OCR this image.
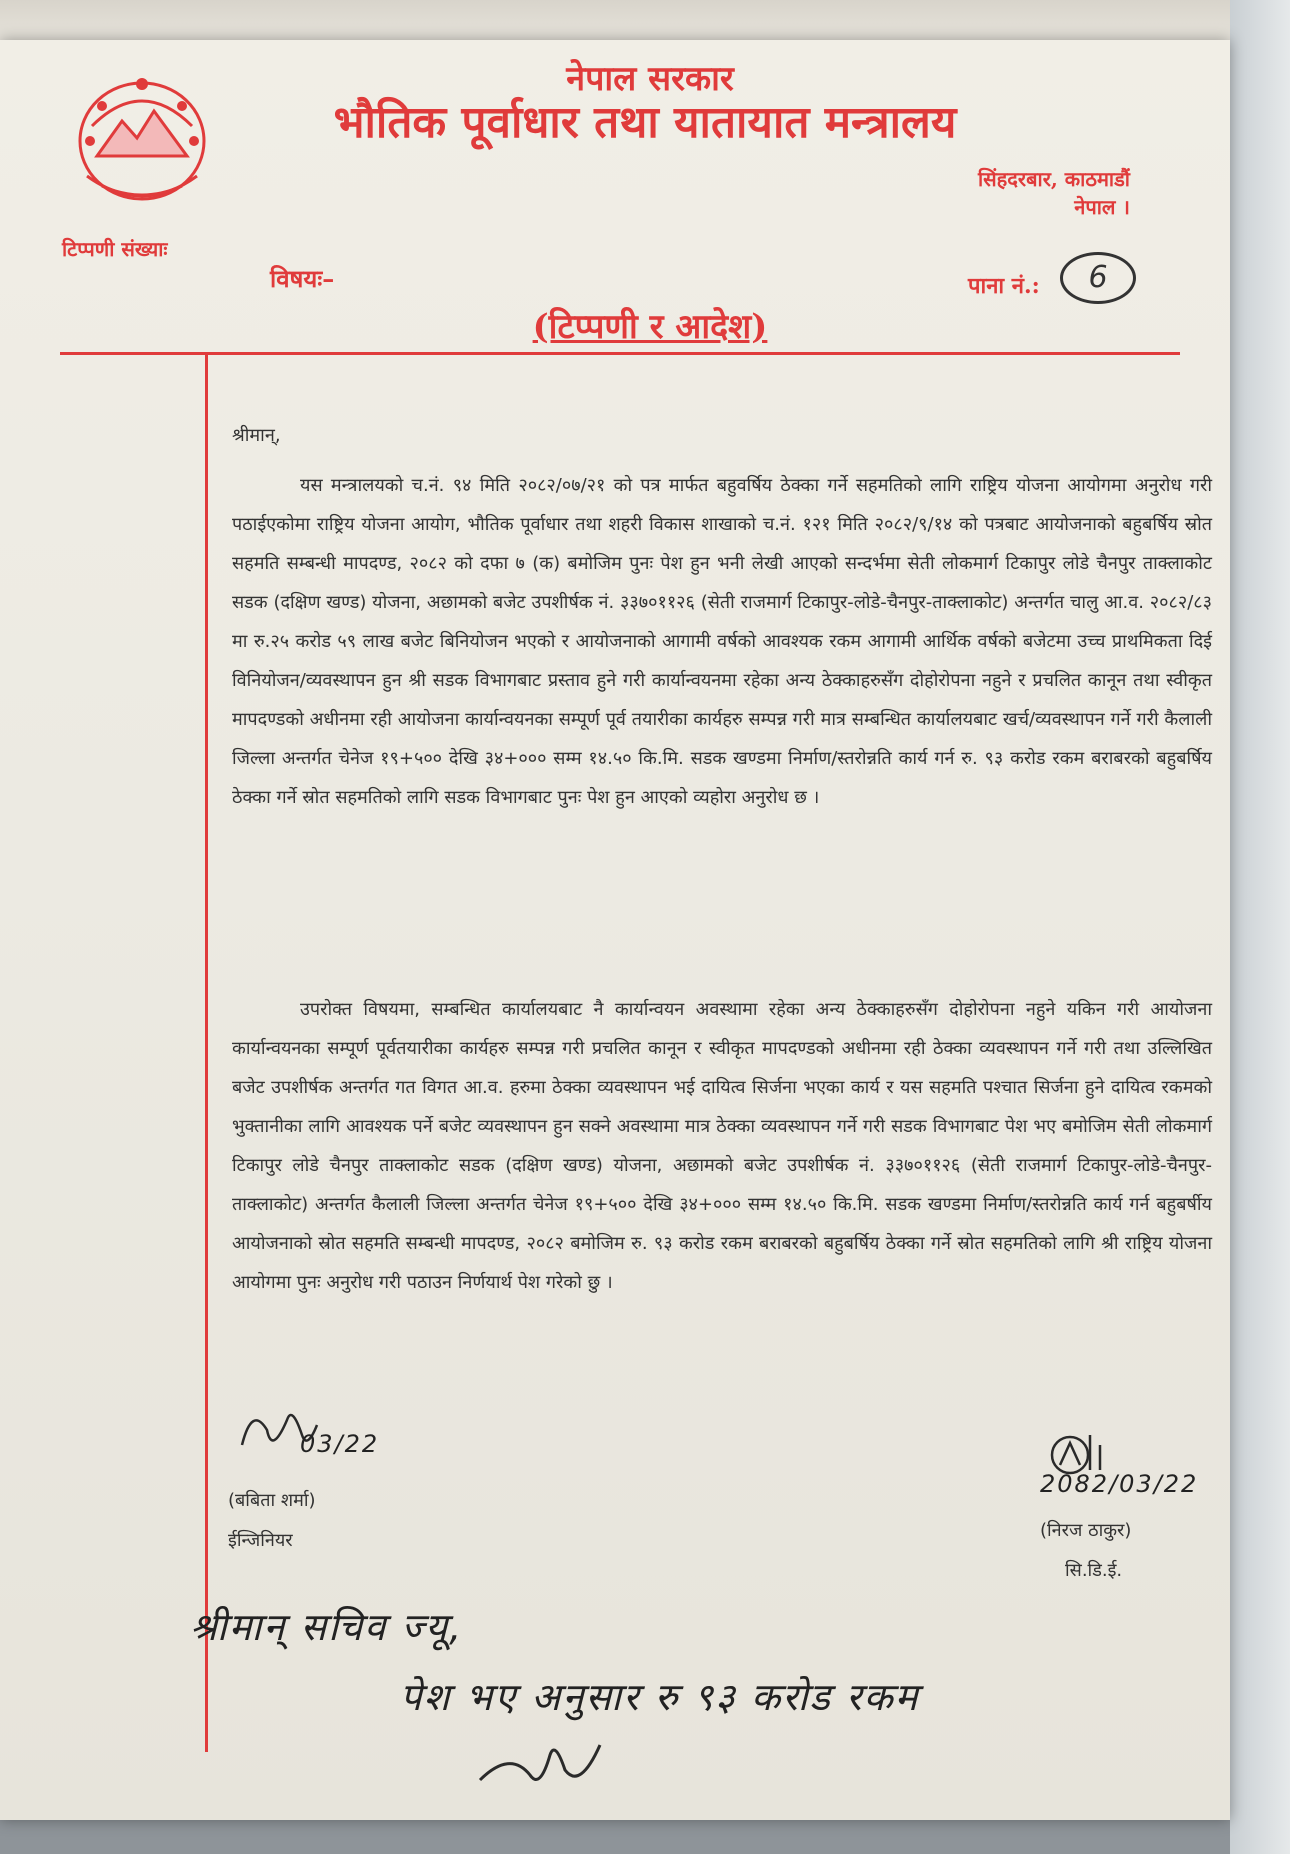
नेपाल सरकार
भौतिक पूर्वाधार तथा यातायात मन्त्रालय
सिंहदरबार, काठमाडौं
नेपाल ।
टिप्पणी संख्याः
विषयः–	पाना नं.:	6
(टिप्पणी र आदेश)
श्रीमान्,
यस मन्त्रालयको च.नं. ९४ मिति २०८२/०७/२१ को पत्र मार्फत बहुवर्षिय ठेक्का गर्ने सहमतिको लागि राष्ट्रिय योजना आयोगमा अनुरोध गरी पठाईएकोमा राष्ट्रिय योजना आयोग, भौतिक पूर्वाधार तथा शहरी विकास शाखाको च.नं. १२१ मिति २०८२/९/१४ को पत्रबाट आयोजनाको बहुबर्षिय स्रोत सहमति सम्बन्धी मापदण्ड, २०८२ को दफा ७ (क) बमोजिम पुनः पेश हुन भनी लेखी आएको सन्दर्भमा सेती लोकमार्ग टिकापुर लोडे चैनपुर ताक्लाकोट सडक (दक्षिण खण्ड) योजना, अछामको बजेट उपशीर्षक नं. ३३७०११२६ (सेती राजमार्ग टिकापुर-लोडे-चैनपुर-ताक्लाकोट) अन्तर्गत चालु आ.व. २०८२/८३ मा रु.२५ करोड ५९ लाख बजेट बिनियोजन भएको र आयोजनाको आगामी वर्षको आवश्यक रकम आगामी आर्थिक वर्षको बजेटमा उच्च प्राथमिकता दिई विनियोजन/व्यवस्थापन हुन श्री सडक विभागबाट प्रस्ताव हुने गरी कार्यान्वयनमा रहेका अन्य ठेक्काहरुसँग दोहोरोपना नहुने र प्रचलित कानून तथा स्वीकृत मापदण्डको अधीनमा रही आयोजना कार्यान्वयनका सम्पूर्ण पूर्व तयारीका कार्यहरु सम्पन्न गरी मात्र सम्बन्धित कार्यालयबाट खर्च/व्यवस्थापन गर्ने गरी कैलाली जिल्ला अन्तर्गत चेनेज १९+५०० देखि ३४+००० सम्म १४.५० कि.मि. सडक खण्डमा निर्माण/स्तरोन्नति कार्य गर्न रु. ९३ करोड रकम बराबरको बहुबर्षिय ठेक्का गर्ने स्रोत सहमतिको लागि सडक विभागबाट पुनः पेश हुन आएको व्यहोरा अनुरोध छ ।
उपरोक्त विषयमा, सम्बन्धित कार्यालयबाट नै कार्यान्वयन अवस्थामा रहेका अन्य ठेक्काहरुसँग दोहोरोपना नहुने यकिन गरी आयोजना कार्यान्वयनका सम्पूर्ण पूर्वतयारीका कार्यहरु सम्पन्न गरी प्रचलित कानून र स्वीकृत मापदण्डको अधीनमा रही ठेक्का व्यवस्थापन गर्ने गरी तथा उल्लिखित बजेट उपशीर्षक अन्तर्गत गत विगत आ.व. हरुमा ठेक्का व्यवस्थापन भई दायित्व सिर्जना भएका कार्य र यस सहमति पश्चात सिर्जना हुने दायित्व रकमको भुक्तानीका लागि आवश्यक पर्ने बजेट व्यवस्थापन हुन सक्ने अवस्थामा मात्र ठेक्का व्यवस्थापन गर्ने गरी सडक विभागबाट पेश भए बमोजिम सेती लोकमार्ग टिकापुर लोडे चैनपुर ताक्लाकोट सडक (दक्षिण खण्ड) योजना, अछामको बजेट उपशीर्षक नं. ३३७०११२६ (सेती राजमार्ग टिकापुर-लोडे-चैनपुर-ताक्लाकोट) अन्तर्गत कैलाली जिल्ला अन्तर्गत चेनेज १९+५०० देखि ३४+००० सम्म १४.५० कि.मि. सडक खण्डमा निर्माण/स्तरोन्नति कार्य गर्न बहुबर्षीय आयोजनाको स्रोत सहमति सम्बन्धी मापदण्ड, २०८२ बमोजिम रु. ९३ करोड रकम बराबरको बहुबर्षिय ठेक्का गर्ने स्रोत सहमतिको लागि श्री राष्ट्रिय योजना आयोगमा पुनः अनुरोध गरी पठाउन निर्णयार्थ पेश गरेको छु ।
03/22
(बबिता शर्मा)
ईन्जिनियर
2082/03/22
(निरज ठाकुर)
सि.डि.ई.
श्रीमान् सचिव ज्यू,
पेश भए अनुसार रु ९३ करोड रकम
